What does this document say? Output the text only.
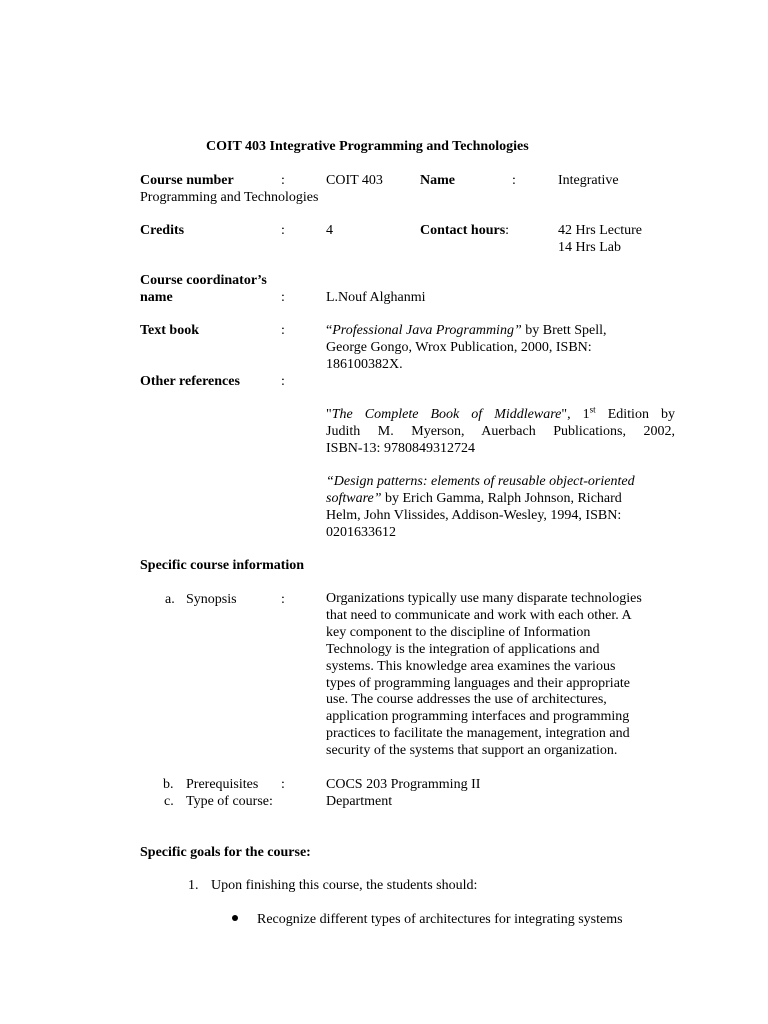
COIT 403 Integrative Programming and Technologies
Course number	:	COIT 403	Name	:	Integrative
Programming and Technologies
Credits	:	4	Contact hours:	42 Hrs Lecture
14 Hrs Lab
Course coordinator’s
name	:	L.Nouf Alghanmi
Text book	:	“Professional Java Programming” by Brett Spell,
George Gongo, Wrox Publication, 2000, ISBN:
186100382X.
Other references	:
"The Complete Book of Middleware", 1st Edition by
Judith M. Myerson, Auerbach Publications, 2002,
ISBN-13: 9780849312724
“Design patterns: elements of reusable object-oriented
software” by Erich Gamma, Ralph Johnson, Richard
Helm, John Vlissides, Addison-Wesley, 1994, ISBN:
0201633612
Specific course information
a. Synopsis	:	Organizations typically use many disparate technologies
that need to communicate and work with each other. A
key component to the discipline of Information
Technology is the integration of applications and
systems. This knowledge area examines the various
types of programming languages and their appropriate
use. The course addresses the use of architectures,
application programming interfaces and programming
practices to facilitate the management, integration and
security of the systems that support an organization.
b. Prerequisites :	COCS 203 Programming II
c. Type of course:	Department
Specific goals for the course:
1. Upon finishing this course, the students should:
Recognize different types of architectures for integrating systems
